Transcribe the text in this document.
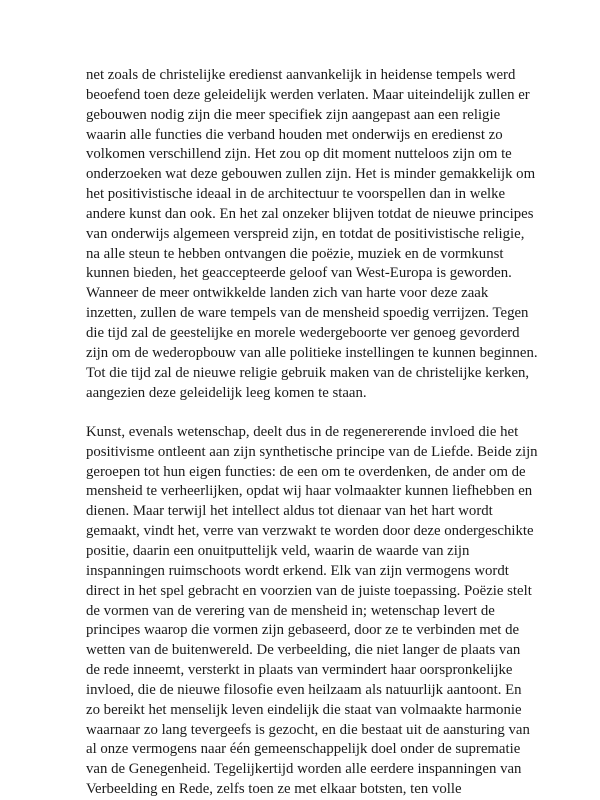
net zoals de christelijke eredienst aanvankelijk in heidense tempels werd
beoefend toen deze geleidelijk werden verlaten. Maar uiteindelijk zullen er
gebouwen nodig zijn die meer specifiek zijn aangepast aan een religie
waarin alle functies die verband houden met onderwijs en eredienst zo
volkomen verschillend zijn. Het zou op dit moment nutteloos zijn om te
onderzoeken wat deze gebouwen zullen zijn. Het is minder gemakkelijk om
het positivistische ideaal in de architectuur te voorspellen dan in welke
andere kunst dan ook. En het zal onzeker blijven totdat de nieuwe principes
van onderwijs algemeen verspreid zijn, en totdat de positivistische religie,
na alle steun te hebben ontvangen die poëzie, muziek en de vormkunst
kunnen bieden, het geaccepteerde geloof van West-Europa is geworden.
Wanneer de meer ontwikkelde landen zich van harte voor deze zaak
inzetten, zullen de ware tempels van de mensheid spoedig verrijzen. Tegen
die tijd zal de geestelijke en morele wedergeboorte ver genoeg gevorderd
zijn om de wederopbouw van alle politieke instellingen te kunnen beginnen.
Tot die tijd zal de nieuwe religie gebruik maken van de christelijke kerken,
aangezien deze geleidelijk leeg komen te staan.
Kunst, evenals wetenschap, deelt dus in de regenererende invloed die het
positivisme ontleent aan zijn synthetische principe van de Liefde. Beide zijn
geroepen tot hun eigen functies: de een om te overdenken, de ander om de
mensheid te verheerlijken, opdat wij haar volmaakter kunnen liefhebben en
dienen. Maar terwijl het intellect aldus tot dienaar van het hart wordt
gemaakt, vindt het, verre van verzwakt te worden door deze ondergeschikte
positie, daarin een onuitputtelijk veld, waarin de waarde van zijn
inspanningen ruimschoots wordt erkend. Elk van zijn vermogens wordt
direct in het spel gebracht en voorzien van de juiste toepassing. Poëzie stelt
de vormen van de verering van de mensheid in; wetenschap levert de
principes waarop die vormen zijn gebaseerd, door ze te verbinden met de
wetten van de buitenwereld. De verbeelding, die niet langer de plaats van
de rede inneemt, versterkt in plaats van vermindert haar oorspronkelijke
invloed, die de nieuwe filosofie even heilzaam als natuurlijk aantoont. En
zo bereikt het menselijk leven eindelijk die staat van volmaakte harmonie
waarnaar zo lang tevergeefs is gezocht, en die bestaat uit de aansturing van
al onze vermogens naar één gemeenschappelijk doel onder de suprematie
van de Genegenheid. Tegelijkertijd worden alle eerdere inspanningen van
Verbeelding en Rede, zelfs toen ze met elkaar botsten, ten volle
